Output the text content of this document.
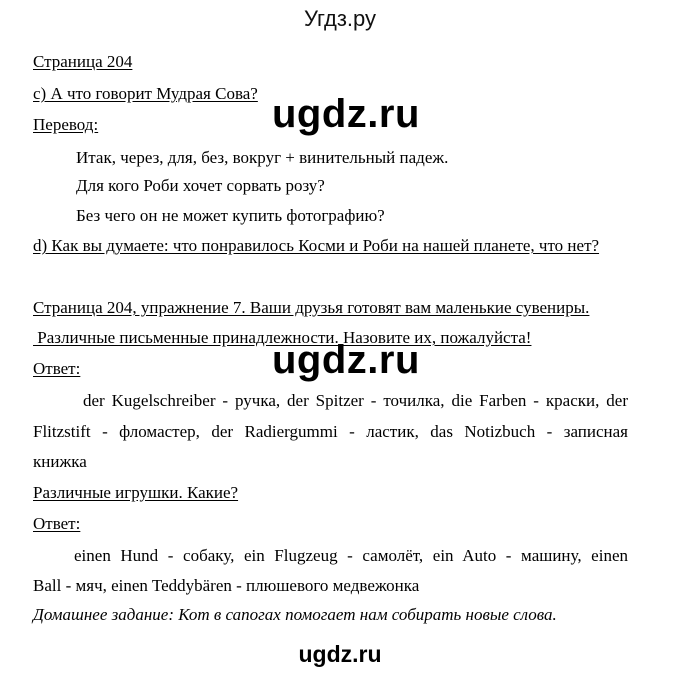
Угдз.ру
ugdz.ru
ugdz.ru
ugdz.ru
Страница 204
c) А что говорит Мудрая Сова?
Перевод:
Итак, через, для, без, вокруг + винительный падеж.
Для кого Роби хочет сорвать розу?
Без чего он не может купить фотографию?
d) Как вы думаете: что понравилось Косми и Роби на нашей планете, что нет?
Страница 204, упражнение 7. Ваши друзья готовят вам маленькие сувениры.
Различные письменные принадлежности. Назовите их, пожалуйста!
Ответ:
der Kugelschreiber - ручка, der Spitzer - точилка, die Farben - краски, der
Flitzstift - фломастер, der Radiergummi - ластик, das Notizbuch - записная
книжка
Различные игрушки. Какие?
Ответ:
einen Hund - собаку, ein Flugzeug - самолёт, ein Auto - машину, einen
Ball - мяч, einen Teddybären - плюшевого медвежонка
Домашнее задание: Кот в сапогах помогает нам собирать новые слова.
